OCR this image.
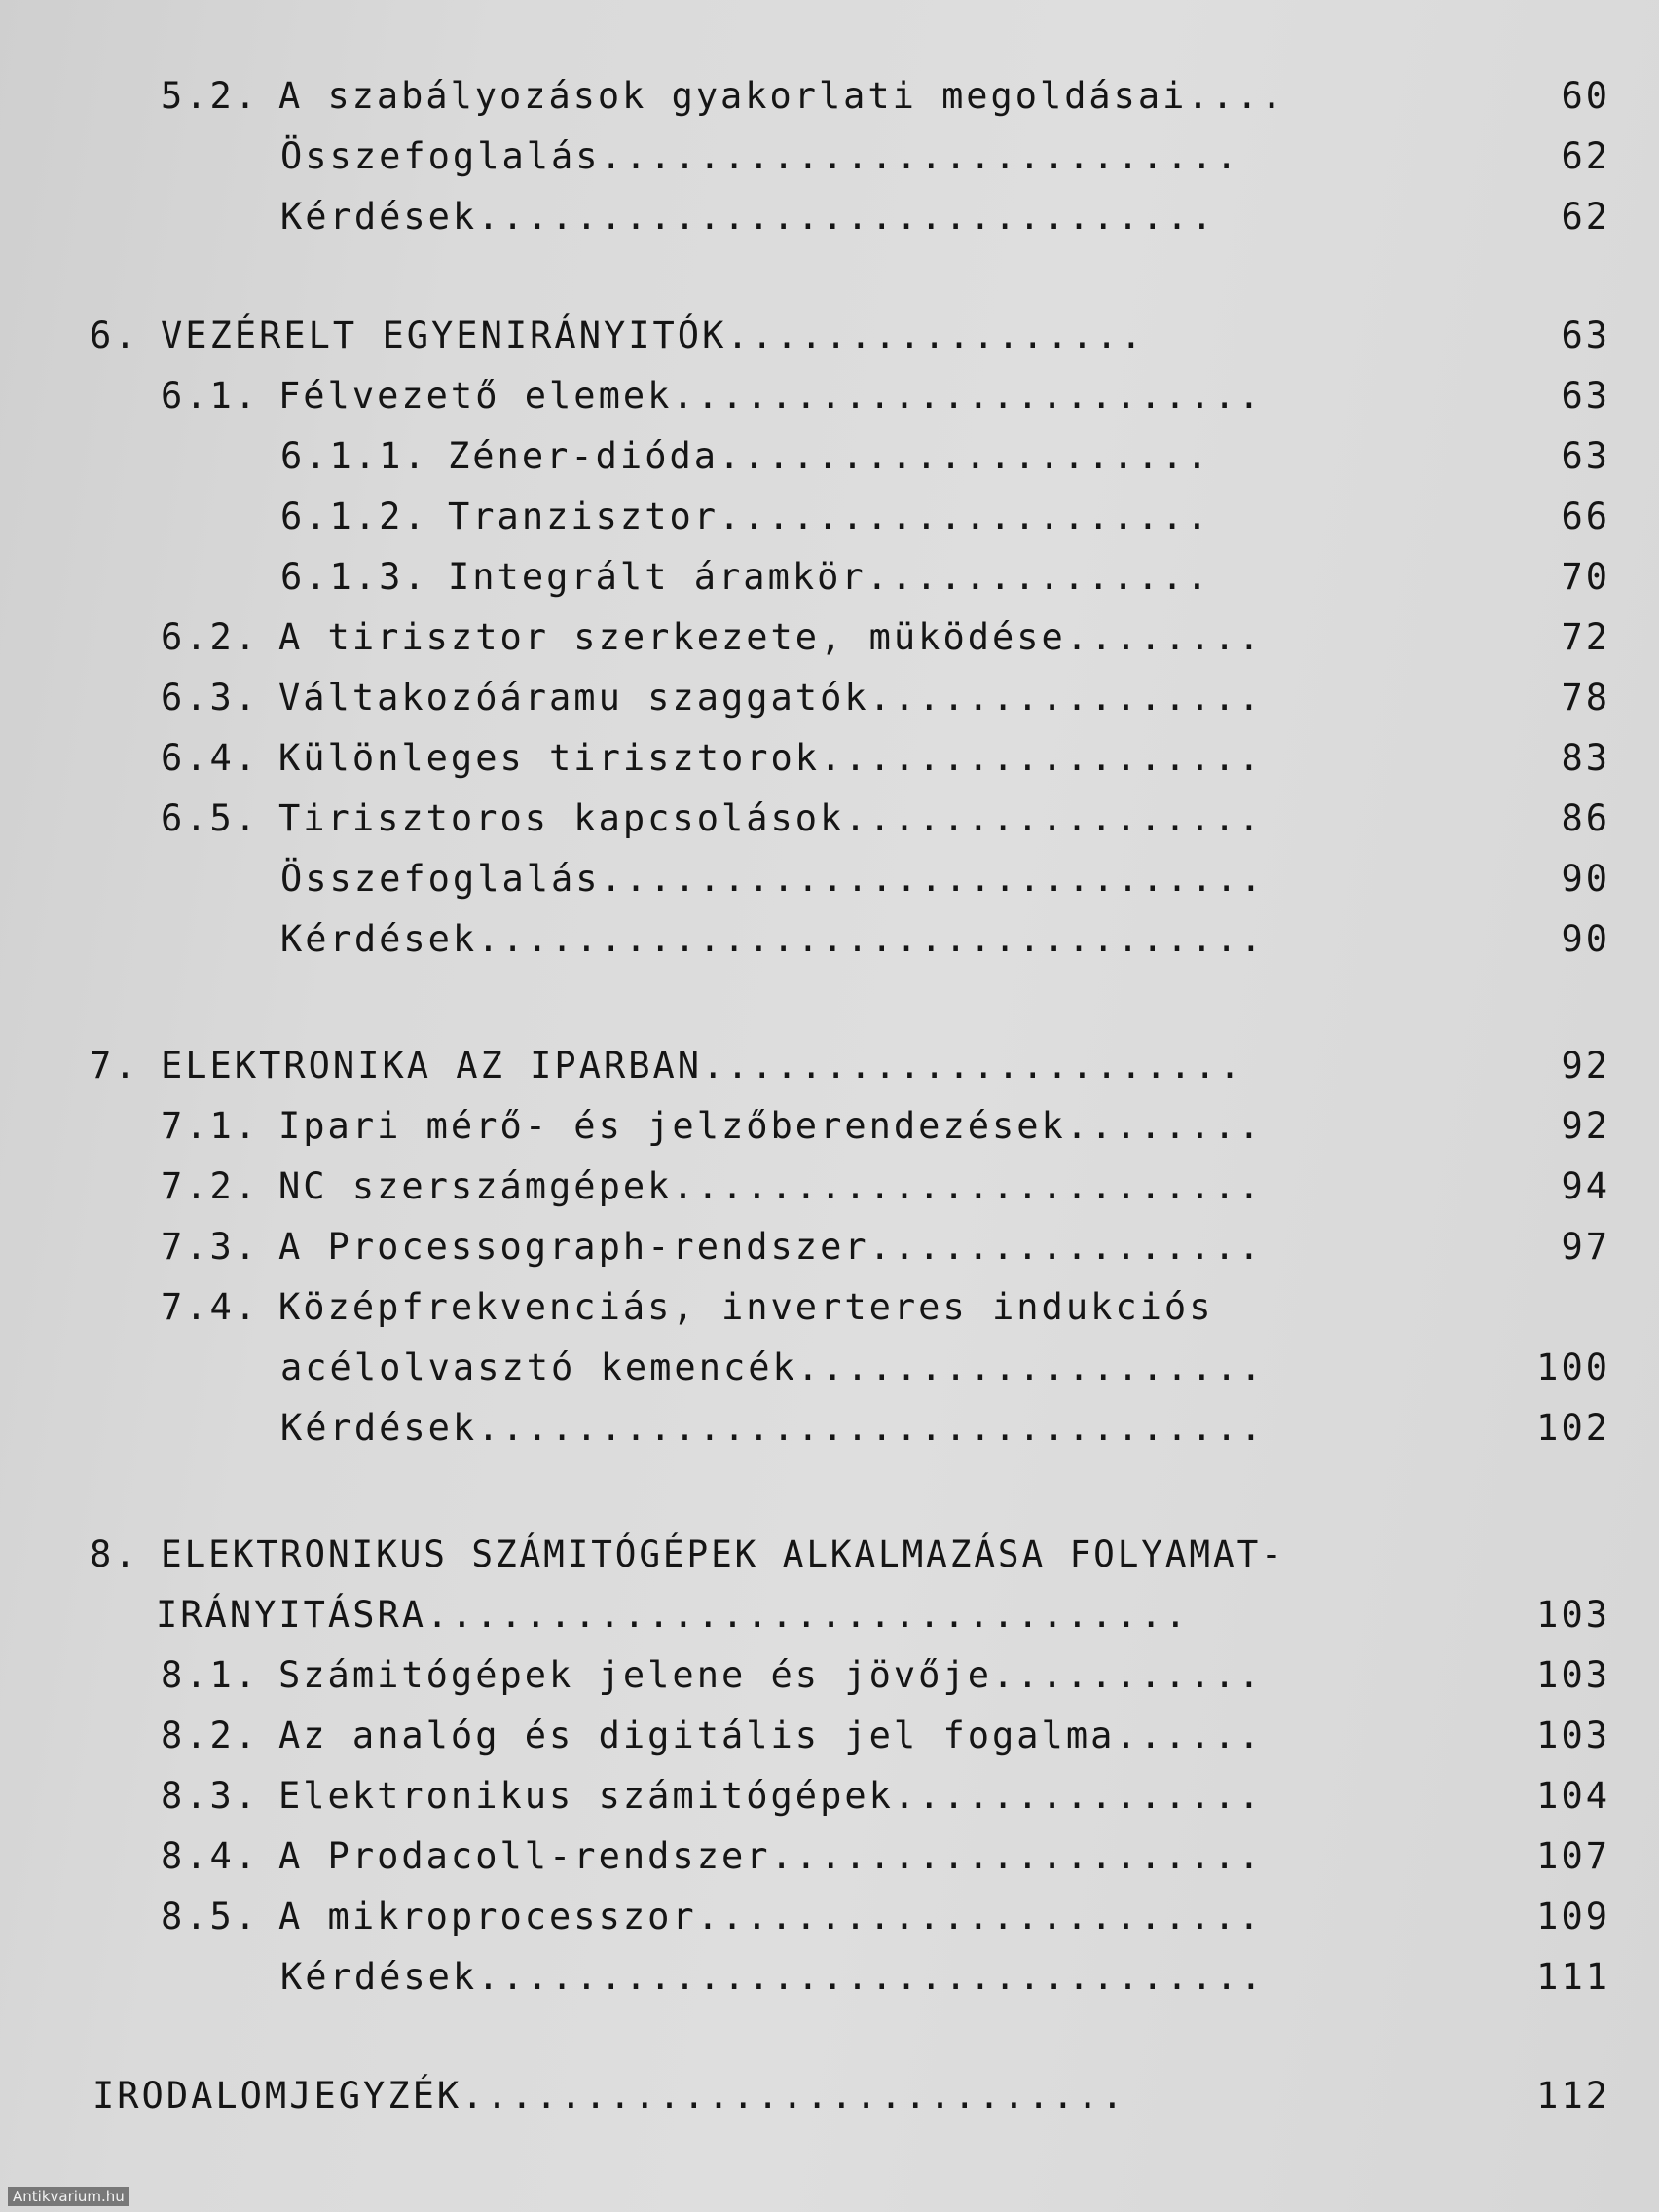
5.2. A szabályozások gyakorlati megoldásai....	60
Összefoglalás..........................	62
Kérdések..............................	62
6. VEZÉRELT EGYENIRÁNYITÓK.................	63
6.1. Félvezető elemek........................	63
6.1.1. Zéner-dióda....................	63
6.1.2. Tranzisztor....................	66
6.1.3. Integrált áramkör..............	70
6.2. A tirisztor szerkezete, müködése........	72
6.3. Váltakozóáramu szaggatók................	78
6.4. Különleges tirisztorok..................	83
6.5. Tirisztoros kapcsolások.................	86
Összefoglalás...........................	90
Kérdések................................	90
7. ELEKTRONIKA AZ IPARBAN......................	92
7.1. Ipari mérő- és jelzőberendezések........	92
7.2. NC szerszámgépek........................	94
7.3. A Processograph-rendszer................	97
7.4. Középfrekvenciás, inverteres indukciós
acélolvasztó kemencék...................	100
Kérdések................................	102
8. ELEKTRONIKUS SZÁMITÓGÉPEK ALKALMAZÁSA FOLYAMAT-
IRÁNYITÁSRA...............................	103
8.1. Számitógépek jelene és jövője...........	103
8.2. Az analóg és digitális jel fogalma......	103
8.3. Elektronikus számitógépek...............	104
8.4. A Prodacoll-rendszer....................	107
8.5. A mikroprocesszor.......................	109
Kérdések................................	111
IRODALOMJEGYZÉK...........................	112
Antikvarium.hu
